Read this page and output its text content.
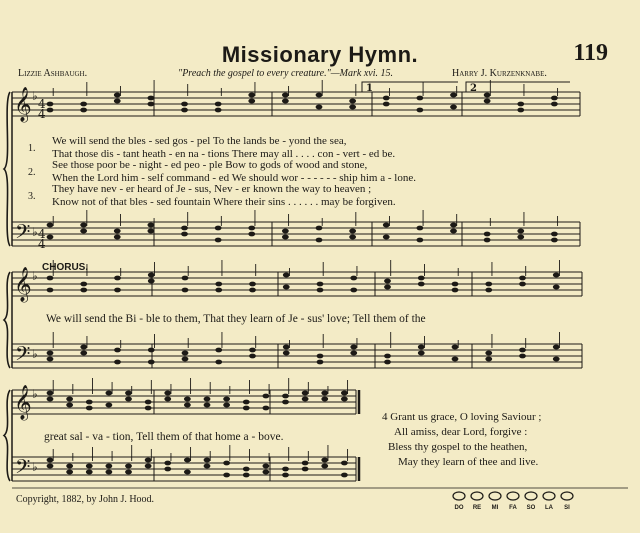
Missionary Hymn.	119
Lizzie Ashbaugh.	"Preach the gospel to every creature."—Mark xvi. 15.	Harry J. Kurzenknabe.
𝄞
𝄢
♭
♭
𝄞
𝄢
♭
♭
𝄞
𝄢
♭
♭
4
4
4
4
1	2
1.
We will send the bles - sed gos - pel To the lands be - yond the sea,
That those dis - tant heath - en na - tions There may all . . . . con - vert - ed be.
2.
See those poor be - night - ed peo - ple Bow to gods of wood and stone,
When the Lord him - self command - ed We should wor - - - - - - ship him a - lone.
3.
They have nev - er heard of Je - sus, Nev - er known the way to heaven ;
Know not of that bles - sed fountain Where their sins . . . . . . may be forgiven.
CHORUS.
We will send the Bi - ble to them, That they learn of Je - sus' love; Tell them of the
great sal - va - tion, Tell them of that home a - bove.
4 Grant us grace, O loving Saviour ;
All amiss, dear Lord, forgive :
Bless thy gospel to the heathen,
May they learn of thee and live.
Copyright, 1882, by John J. Hood.
DO RE MI FA SO LA SI
